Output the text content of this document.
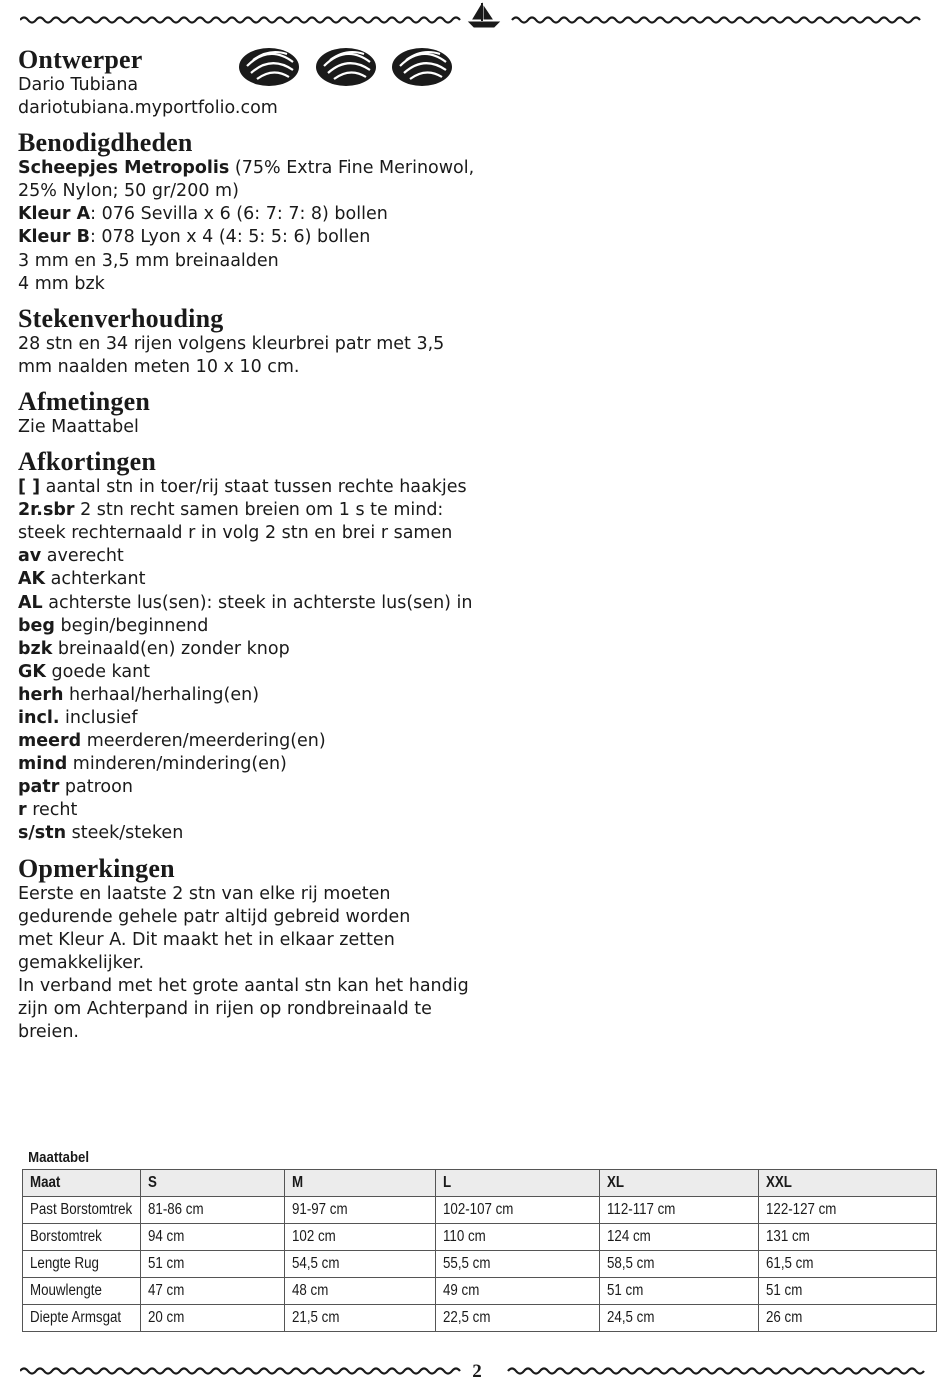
Ontwerper
Dario Tubiana
dariotubiana.myportfolio.com
Benodigdheden
Scheepjes Metropolis (75% Extra Fine Merinowol,
25% Nylon; 50 gr/200 m)
Kleur A: 076 Sevilla x 6 (6: 7: 7: 8) bollen
Kleur B: 078 Lyon x 4 (4: 5: 5: 6) bollen
3 mm en 3,5 mm breinaalden
4 mm bzk
Stekenverhouding
28 stn en 34 rijen volgens kleurbrei patr met 3,5
mm naalden meten 10 x 10 cm.
Afmetingen
Zie Maattabel
Afkortingen
[ ] aantal stn in toer/rij staat tussen rechte haakjes
2r.sbr 2 stn recht samen breien om 1 s te mind:
steek rechternaald r in volg 2 stn en brei r samen
av averecht
AK achterkant
AL achterste lus(sen): steek in achterste lus(sen) in
beg begin/beginnend
bzk breinaald(en) zonder knop
GK goede kant
herh herhaal/herhaling(en)
incl. inclusief
meerd meerderen/meerdering(en)
mind minderen/mindering(en)
patr patroon
r recht
s/stn steek/steken
Opmerkingen
Eerste en laatste 2 stn van elke rij moeten
gedurende gehele patr altijd gebreid worden
met Kleur A. Dit maakt het in elkaar zetten
gemakkelijker.
In verband met het grote aantal stn kan het handig
zijn om Achterpand in rijen op rondbreinaald te
breien.
Maattabel
Maat	S	M	L	XL	XXL
Past Borstomtrek	81-86 cm	91-97 cm	102-107 cm	112-117 cm	122-127 cm
Borstomtrek	94 cm	102 cm	110 cm	124 cm	131 cm
Lengte Rug	51 cm	54,5 cm	55,5 cm	58,5 cm	61,5 cm
Mouwlengte	47 cm	48 cm	49 cm	51 cm	51 cm
Diepte Armsgat	20 cm	21,5 cm	22,5 cm	24,5 cm	26 cm
2
